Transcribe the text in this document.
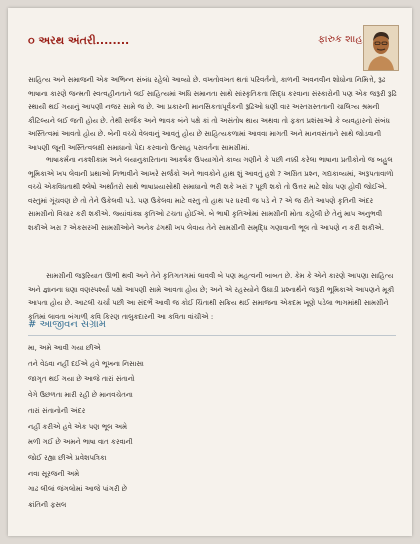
૦ અરથ અંતરી........	ફારુક શાહ

સાહિત્ય અને સમાજની એક અભિન્ન સંબંધ રહેલો આવ્યો છે. વખતોવખત થતાં પરિવર્તનો, કાળની અવનવીન શોધોના નિમિત્તે, રૂઢ ભાષાના કારણે જન્મતી સ્વત્વહીનતાને લઈ સાહિત્યમાં અધિ સમાનતા સાથે સાંસ્કૃતિકતા સિદ્ધ કરવાના સંસ્કારોની પણ એક જરૂરી રૂઢિ સ્થાયી થઈ ગયાનું આપણી નજર સામે જ છે. આ પ્રકારની માનસિકતાપૂર્વકની રૂઢિઓ ઘણી વાર અસ્તગ્રસ્તતાની ચાલિત્ર્ય શ્રમની કૌટિલ્યને લઈ જતી હોય છે. તેથી સર્જક અને ભાવક બંને પક્ષે કાં તો અસંતોષ થાય અથવા તો ફક્ત પ્રશંસાઓ કે વ્યવહારનો સંબંધ અસ્તિત્વમાં આવતો હોય છે. બેની વચ્ચે વેલવાનું આવતું હોય છે સાહિત્યકળામાં આવવા માગતી અને માનવસંતાને સાથે જોડવાની આપણી જૂની અસ્તિત્વલક્ષી સમાધાનો પેદા કરવાનો ઉત્સાહ પરાવર્તના સામગ્રીમાં.

ભાષાકર્મના નકશીકામ અને લયાનુકારિતાના આકર્ષક ઉપયાગોને કાવ્ય ગણીને કે પછી નક્કી કરેલા ભાષાના પ્રતીકોનો જ બહુલ ભૂમિકાએ ખપ લેવાની પ્રથાઓ નિભાવીને આખરે સર્જકો અને ભાવકોને હાથ શું આવતું હશે ? અગ્રિત પ્રશ્ન, ગદ્યકાવ્યમાં, અરૂપતાવાળો વચ્ચે એકવિધતાથી શ્લેષો અર્થાંતરો સાથે ભાષાપ્રયાસોથી સમાધાનો ભરી શકે ખરાં ? પૂછી શકો તો ઉત્તર માટે શોધ પણ હોવી જોઈએ. વસ્તુમાં ગૂંચવણ છે તો તેને ઉકેલવી પડે. પણ ઉકેલવા માટે વસ્તુ તો હાથ પર ધરવી જ પડે ને ? એ જ રીતે આપણે કૃતિની અંદર સામગ્રીનો વિચાર કરી શકીએ. જ્યાંવાંક્ય કૃતિઓ ટચતા હોઈએ. બે ભાષી કૃતિઓમાં સામગ્રીની મોતા કહેલી છે તેનું માપ અનુભવી શકીએ ખરા ? એકસરખી સામગ્રીઓને અનેક ઢંગથી ખપ લેવાય તેને સામગ્રીની સમૃદ્ધિ ગણાવાની ભૂલ તો આપણે ન કરી શકીએ.

સામગ્રીની જરૂરિયાત ઊભી થવી અને તેને કૃતિગતગમાં લાવવી બે પણ મહત્વની બાબત છે. કેમ કે એને કારણે આપણા સાહિત્ય અને જ્ઞાનના ઘણા વણસ્પર્શ્યા પક્ષો આપણી સામે આવતા હોય છે; અને એ રહસ્યોને ઉઘાડી પ્રશ્નાર્થને જરૂરી ભૂમિકાએ આપણને મૂકી આપતા હોય છે. આટલી ચર્ચા પછી આ સંદર્ભે આવી જ કોઈ ચિંતાથી સક્રિય થઈ સમાજના એકદમ ખૂણે પડેલા ભાગમાંથી સામગ્રીને કૃતિમાં લાવતા બંગાળી કવિ કિરણ તાલુકદારની આ કવિતા વાંચીએ :

# આજીવન સંગ્રામ
મા, અમે આવી ગયા છીએ
તને વેઠવા નહીં દઈએ હવે ભૂખના નિસાસા
જાગૃત થઈ ગયા છે આજે તારાં સંતાનો
વેગે ઉછળતા મારી રહી છે માનવચેતના
તારાં સંતાનોની અંદર
નહીં કરીએ હવે એક પણ ભૂલ અમે
મળી ગઈ છે અમને ભાષા વાત કરવાની
જોઈ રહ્યા છીએ પ્રવેશપત્રિકા
નવા સૂરજની અમે
ગાઢ લીલાં જંગલોમાં આજે પાંગરી છે
ક્રાંતિની ફસલ
